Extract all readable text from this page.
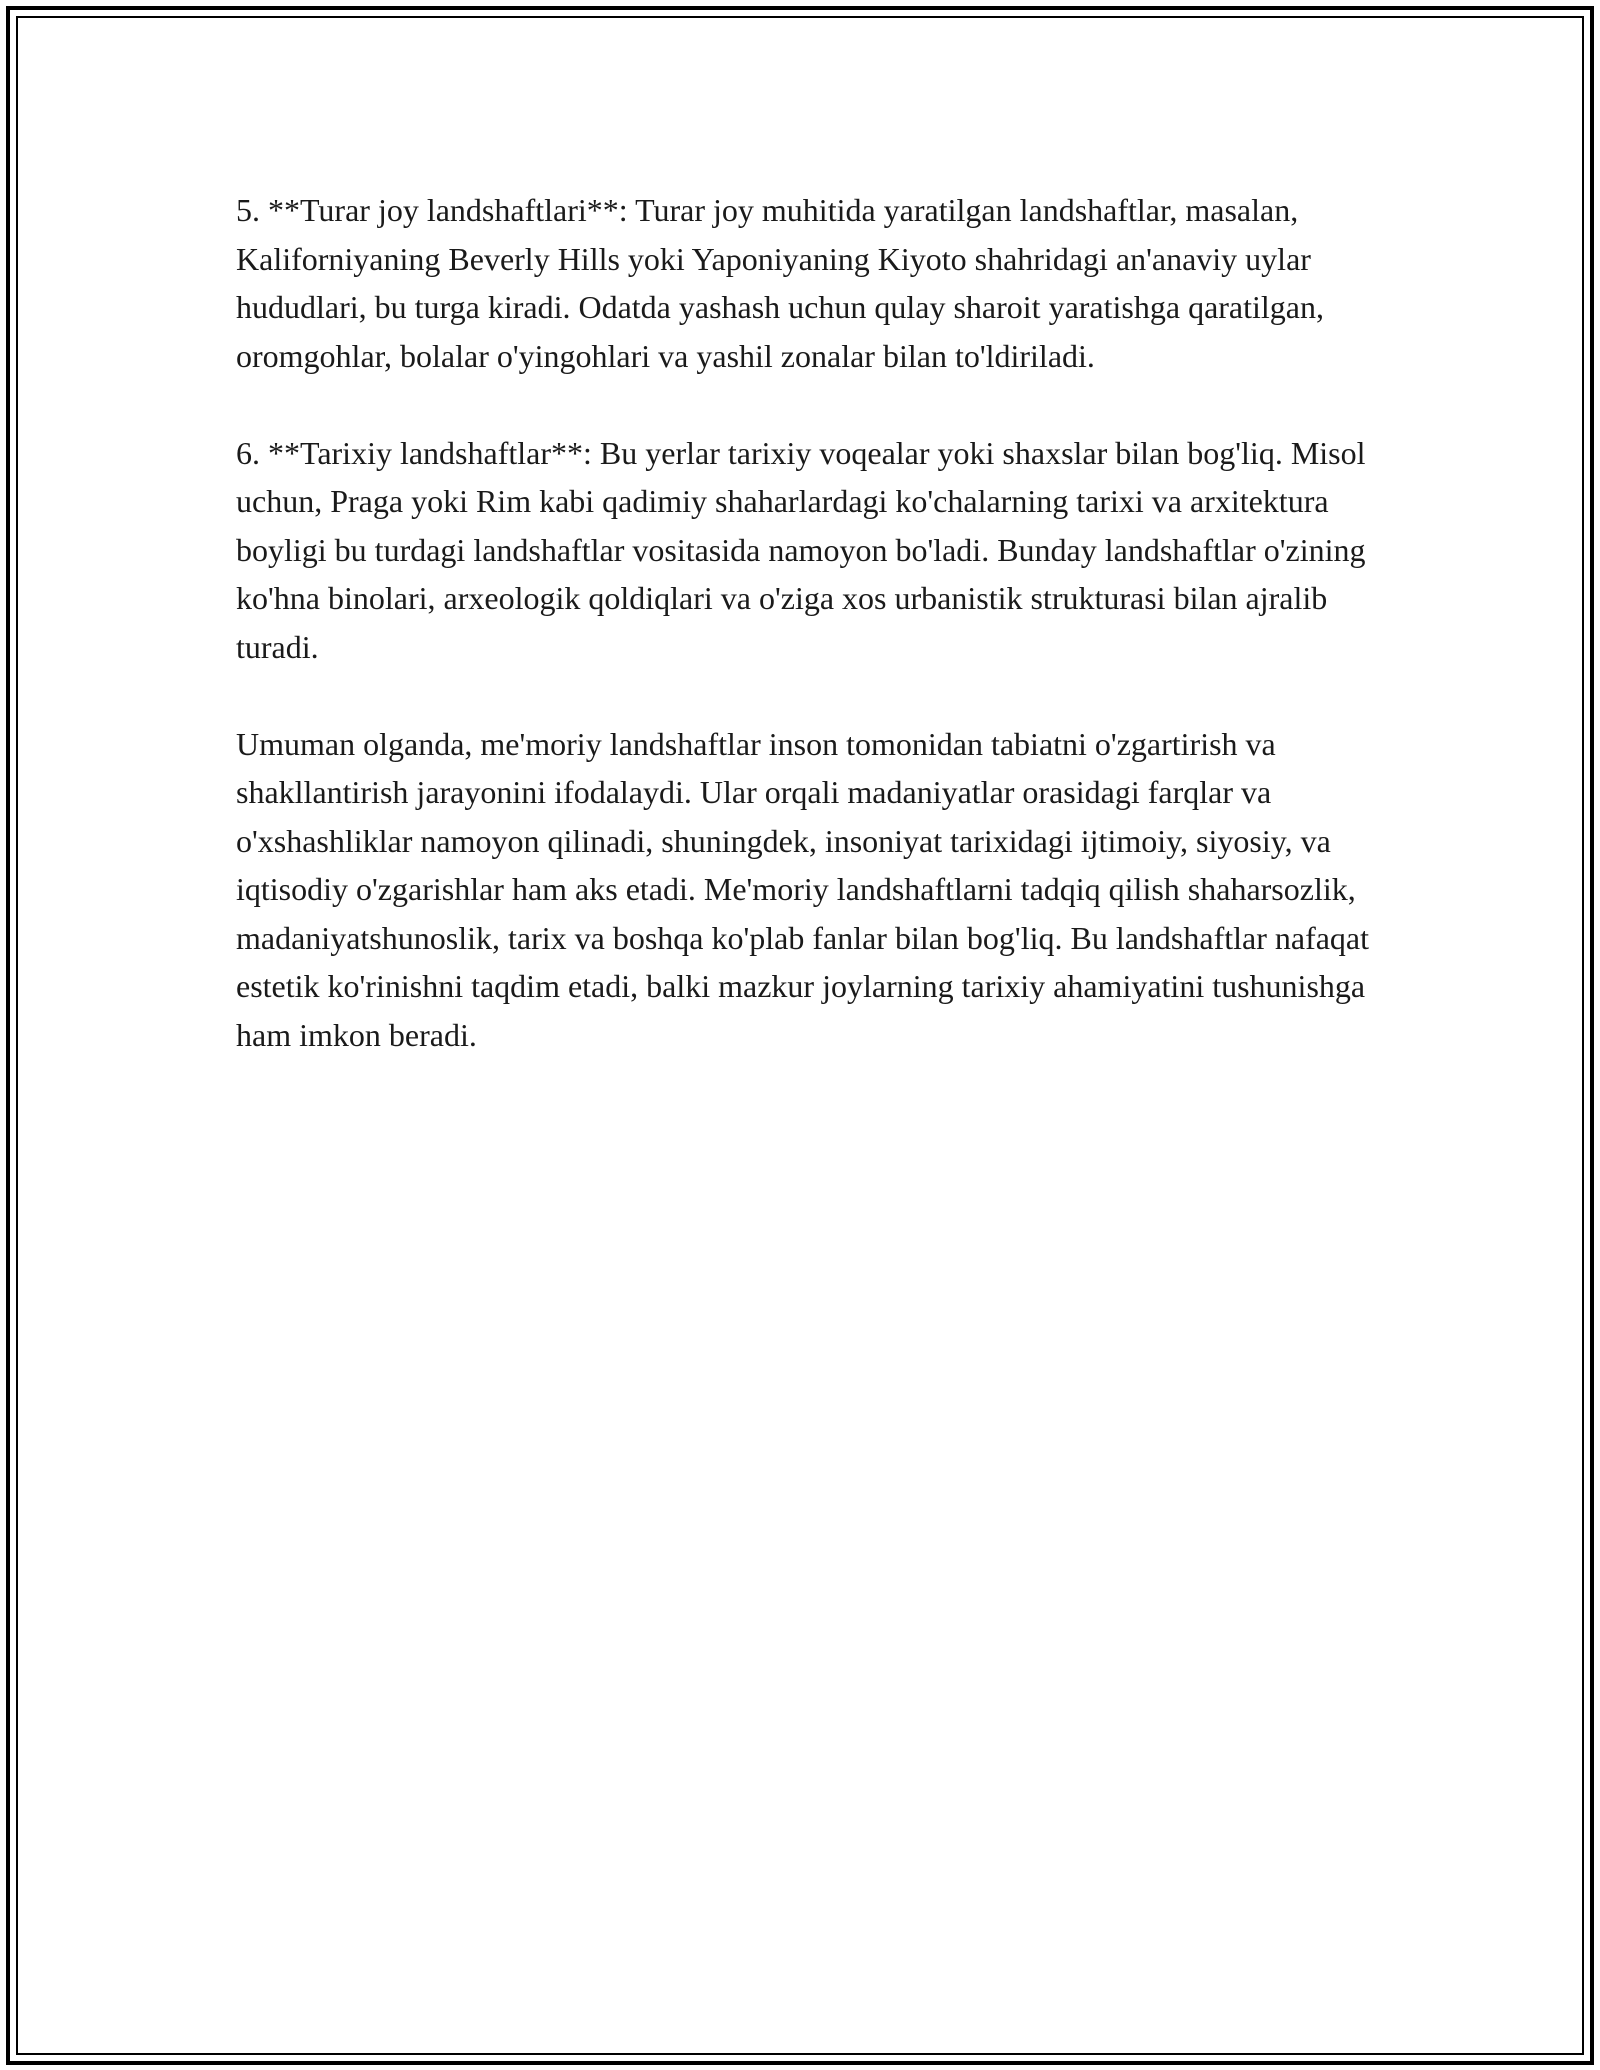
5. **Turar joy landshaftlari**: Turar joy muhitida yaratilgan landshaftlar, masalan, Kaliforniyaning Beverly Hills yoki Yaponiyaning Kiyoto shahridagi an'anaviy uylar hududlari, bu turga kiradi. Odatda yashash uchun qulay sharoit yaratishga qaratilgan, oromgohlar, bolalar o'yingohlari va yashil zonalar bilan to'ldiriladi.

6. **Tarixiy landshaftlar**: Bu yerlar tarixiy voqealar yoki shaxslar bilan bog'liq. Misol uchun, Praga yoki Rim kabi qadimiy shaharlardagi ko'chalarning tarixi va arxitektura boyligi bu turdagi landshaftlar vositasida namoyon bo'ladi. Bunday landshaftlar o'zining ko'hna binolari, arxeologik qoldiqlari va o'ziga xos urbanistik strukturasi bilan ajralib turadi.

Umuman olganda, me'moriy landshaftlar inson tomonidan tabiatni o'zgartirish va shakllantirish jarayonini ifodalaydi. Ular orqali madaniyatlar orasidagi farqlar va o'xshashliklar namoyon qilinadi, shuningdek, insoniyat tarixidagi ijtimoiy, siyosiy, va iqtisodiy o'zgarishlar ham aks etadi. Me'moriy landshaftlarni tadqiq qilish shaharsozlik, madaniyatshunoslik, tarix va boshqa ko'plab fanlar bilan bog'liq. Bu landshaftlar nafaqat estetik ko'rinishni taqdim etadi, balki mazkur joylarning tarixiy ahamiyatini tushunishga ham imkon beradi.
